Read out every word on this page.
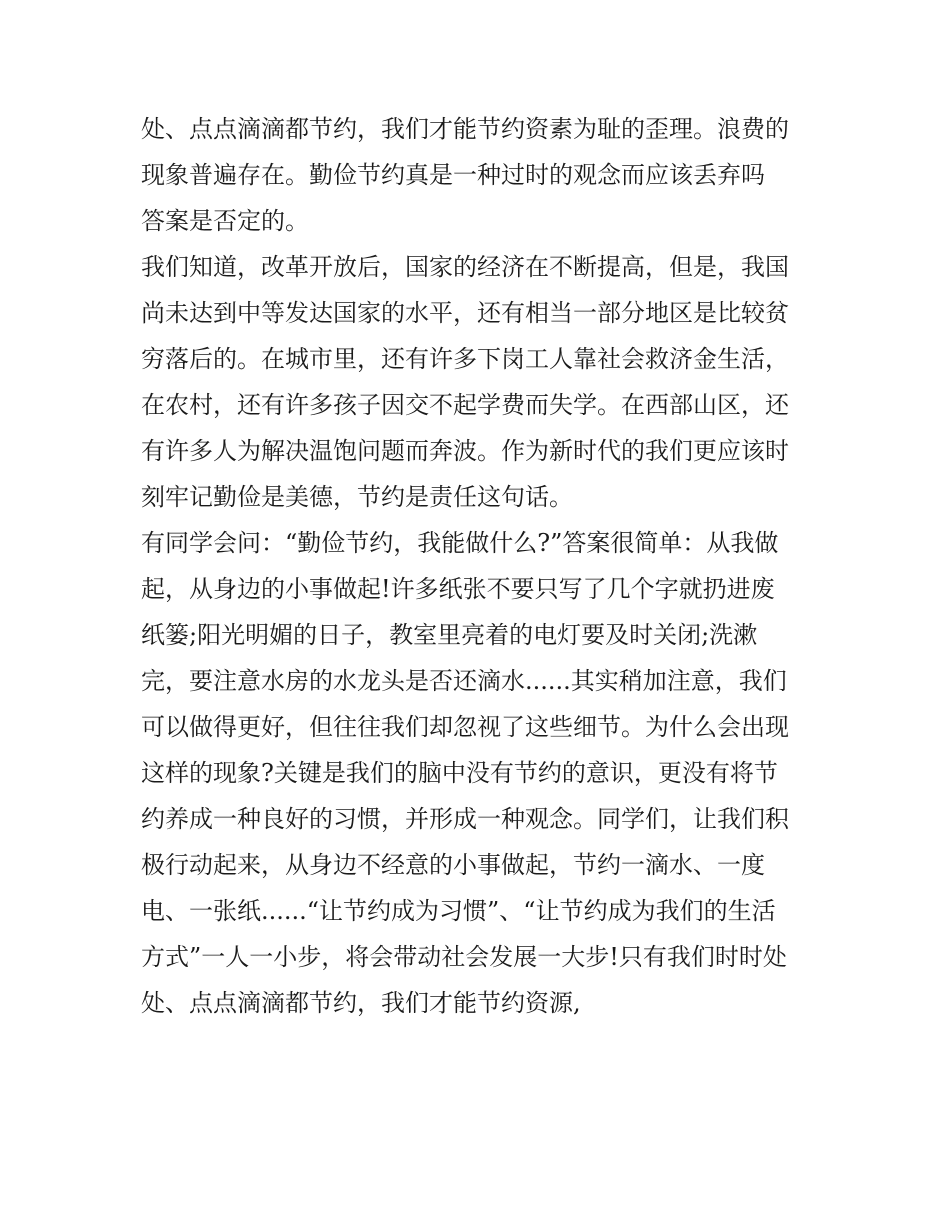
处、点点滴滴都节约，我们才能节约资素为耻的歪理。浪费的
现象普遍存在。勤俭节约真是一种过时的观念而应该丢弃吗
答案是否定的。
我们知道，改革开放后，国家的经济在不断提高，但是，我国
尚未达到中等发达国家的水平，还有相当一部分地区是比较贫
穷落后的。在城市里，还有许多下岗工人靠社会救济金生活，
在农村，还有许多孩子因交不起学费而失学。在西部山区，还
有许多人为解决温饱问题而奔波。作为新时代的我们更应该时
刻牢记勤俭是美德，节约是责任这句话。
有同学会问：“勤俭节约，我能做什么?”答案很简单：从我做
起，从身边的小事做起!许多纸张不要只写了几个字就扔进废
纸篓;阳光明媚的日子，教室里亮着的电灯要及时关闭;洗漱
完，要注意水房的水龙头是否还滴水......其实稍加注意，我们
可以做得更好，但往往我们却忽视了这些细节。为什么会出现
这样的现象?关键是我们的脑中没有节约的意识，更没有将节
约养成一种良好的习惯，并形成一种观念。同学们，让我们积
极行动起来，从身边不经意的小事做起，节约一滴水、一度
电、一张纸......“让节约成为习惯”、“让节约成为我们的生活
方式”一人一小步，将会带动社会发展一大步!只有我们时时处
处、点点滴滴都节约，我们才能节约资源,
